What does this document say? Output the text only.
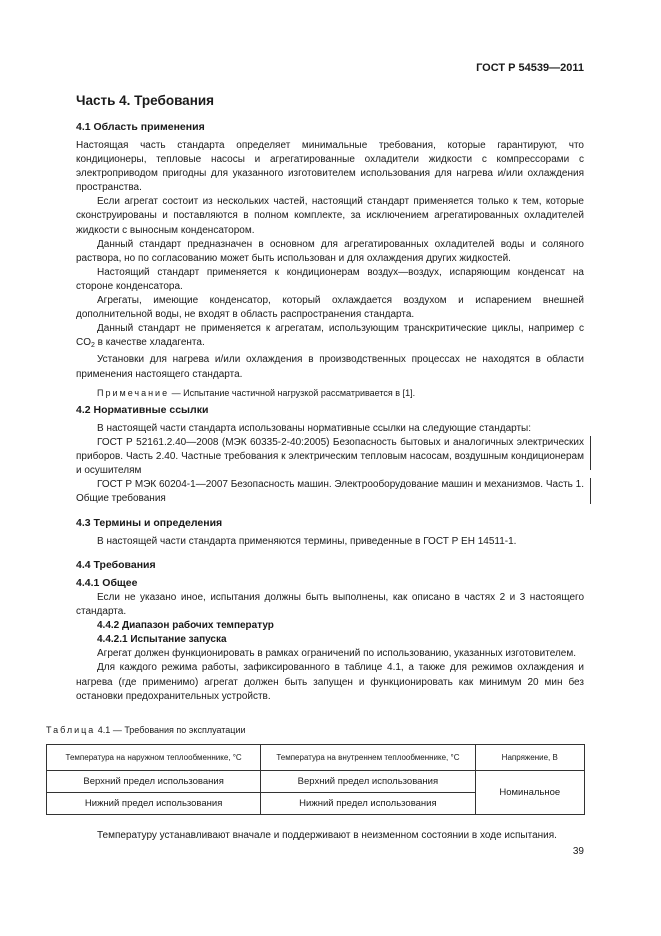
ГОСТ Р 54539—2011
Часть 4. Требования
4.1 Область применения
Настоящая часть стандарта определяет минимальные требования, которые гарантируют, что кондиционеры, тепловые насосы и агрегатированные охладители жидкости с компрессорами с электроприводом пригодны для указанного изготовителем использования для нагрева и/или охлаждения пространства.
Если агрегат состоит из нескольких частей, настоящий стандарт применяется только к тем, которые сконструированы и поставляются в полном комплекте, за исключением агрегатированных охладителей жидкости с выносным конденсатором.
Данный стандарт предназначен в основном для агрегатированных охладителей воды и соляного раствора, но по согласованию может быть использован и для охлаждения других жидкостей.
Настоящий стандарт применяется к кондиционерам воздух—воздух, испаряющим конденсат на стороне конденсатора.
Агрегаты, имеющие конденсатор, который охлаждается воздухом и испарением внешней дополнительной воды, не входят в область распространения стандарта.
Данный стандарт не применяется к агрегатам, использующим транскритические циклы, например с $CO_2$ в качестве хладагента.
Установки для нагрева и/или охлаждения в производственных процессах не находятся в области применения настоящего стандарта.
Примечание — Испытание частичной нагрузкой рассматривается в [1].
4.2 Нормативные ссылки
В настоящей части стандарта использованы нормативные ссылки на следующие стандарты:
ГОСТ Р 52161.2.40—2008 (МЭК 60335-2-40:2005) Безопасность бытовых и аналогичных электрических приборов. Часть 2.40. Частные требования к электрическим тепловым насосам, воздушным кондиционерам и осушителям
ГОСТ Р МЭК 60204-1—2007 Безопасность машин. Электрооборудование машин и механизмов. Часть 1. Общие требования
4.3 Термины и определения
В настоящей части стандарта применяются термины, приведенные в ГОСТ Р ЕН 14511-1.
4.4 Требования
4.4.1 Общее
Если не указано иное, испытания должны быть выполнены, как описано в частях 2 и 3 настоящего стандарта.
4.4.2 Диапазон рабочих температур
4.4.2.1 Испытание запуска
Агрегат должен функционировать в рамках ограничений по использованию, указанных изготовителем.
Для каждого режима работы, зафиксированного в таблице 4.1, а также для режимов охлаждения и нагрева (где применимо) агрегат должен быть запущен и функционировать как минимум 20 мин без остановки предохранительных устройств.
Таблица 4.1 — Требования по эксплуатации
Температура на наружном теплообменнике, °С	Температура на внутреннем теплообменнике, °С	Напряжение, В
Верхний предел использования	Верхний предел использования	Номинальное
Нижний предел использования	Нижний предел использования	
Температуру устанавливают вначале и поддерживают в неизменном состоянии в ходе испытания.
39
